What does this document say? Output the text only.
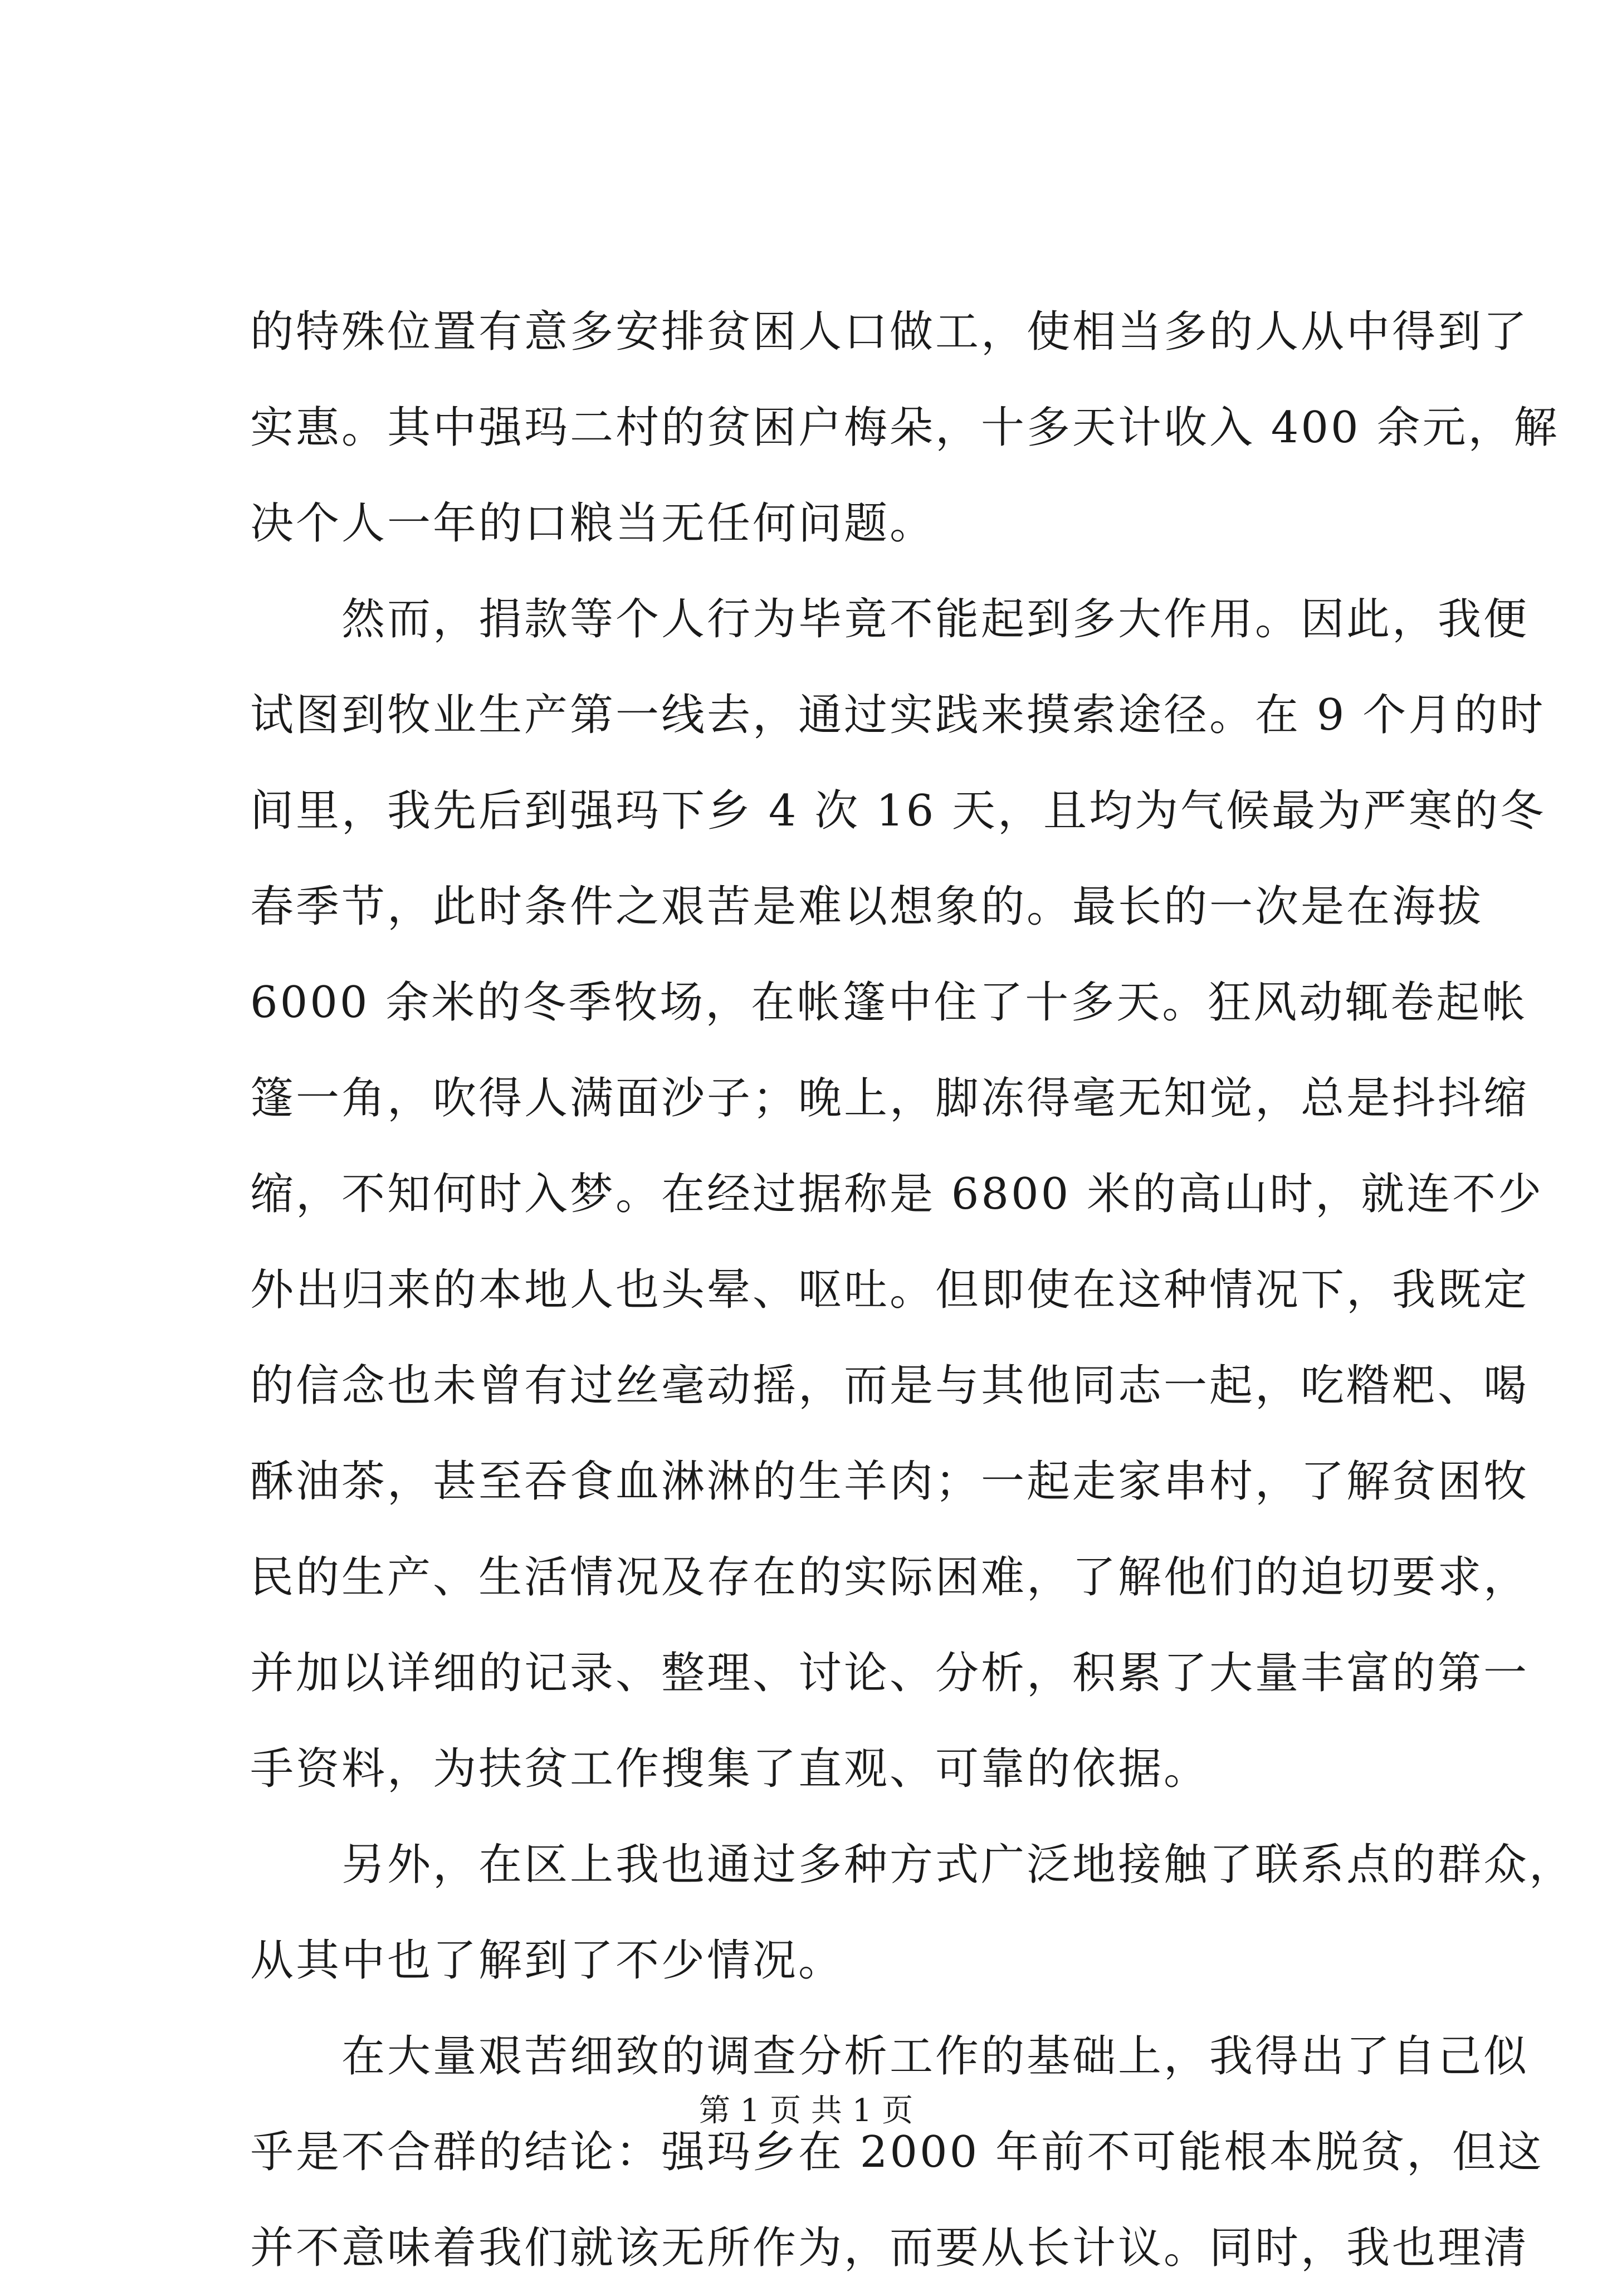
的特殊位置有意多安排贫困人口做工，使相当多的人从中得到了
实惠。其中强玛二村的贫困户梅朵，十多天计收入 400 余元，解
决个人一年的口粮当无任何问题。
　　然而，捐款等个人行为毕竟不能起到多大作用。因此，我便
试图到牧业生产第一线去，通过实践来摸索途径。在 9 个月的时
间里，我先后到强玛下乡 4 次 16 天，且均为气候最为严寒的冬
春季节，此时条件之艰苦是难以想象的。最长的一次是在海拔
6000 余米的冬季牧场，在帐篷中住了十多天。狂风动辄卷起帐
篷一角，吹得人满面沙子；晚上，脚冻得毫无知觉，总是抖抖缩
缩，不知何时入梦。在经过据称是 6800 米的高山时，就连不少
外出归来的本地人也头晕、呕吐。但即使在这种情况下，我既定
的信念也未曾有过丝毫动摇，而是与其他同志一起，吃糌粑、喝
酥油茶，甚至吞食血淋淋的生羊肉；一起走家串村，了解贫困牧
民的生产、生活情况及存在的实际困难，了解他们的迫切要求，
并加以详细的记录、整理、讨论、分析，积累了大量丰富的第一
手资料，为扶贫工作搜集了直观、可靠的依据。
　　另外，在区上我也通过多种方式广泛地接触了联系点的群众，
从其中也了解到了不少情况。
　　在大量艰苦细致的调查分析工作的基础上，我得出了自己似
乎是不合群的结论：强玛乡在 2000 年前不可能根本脱贫，但这
并不意味着我们就该无所作为，而要从长计议。同时，我也理清
第 1 页 共 1 页
